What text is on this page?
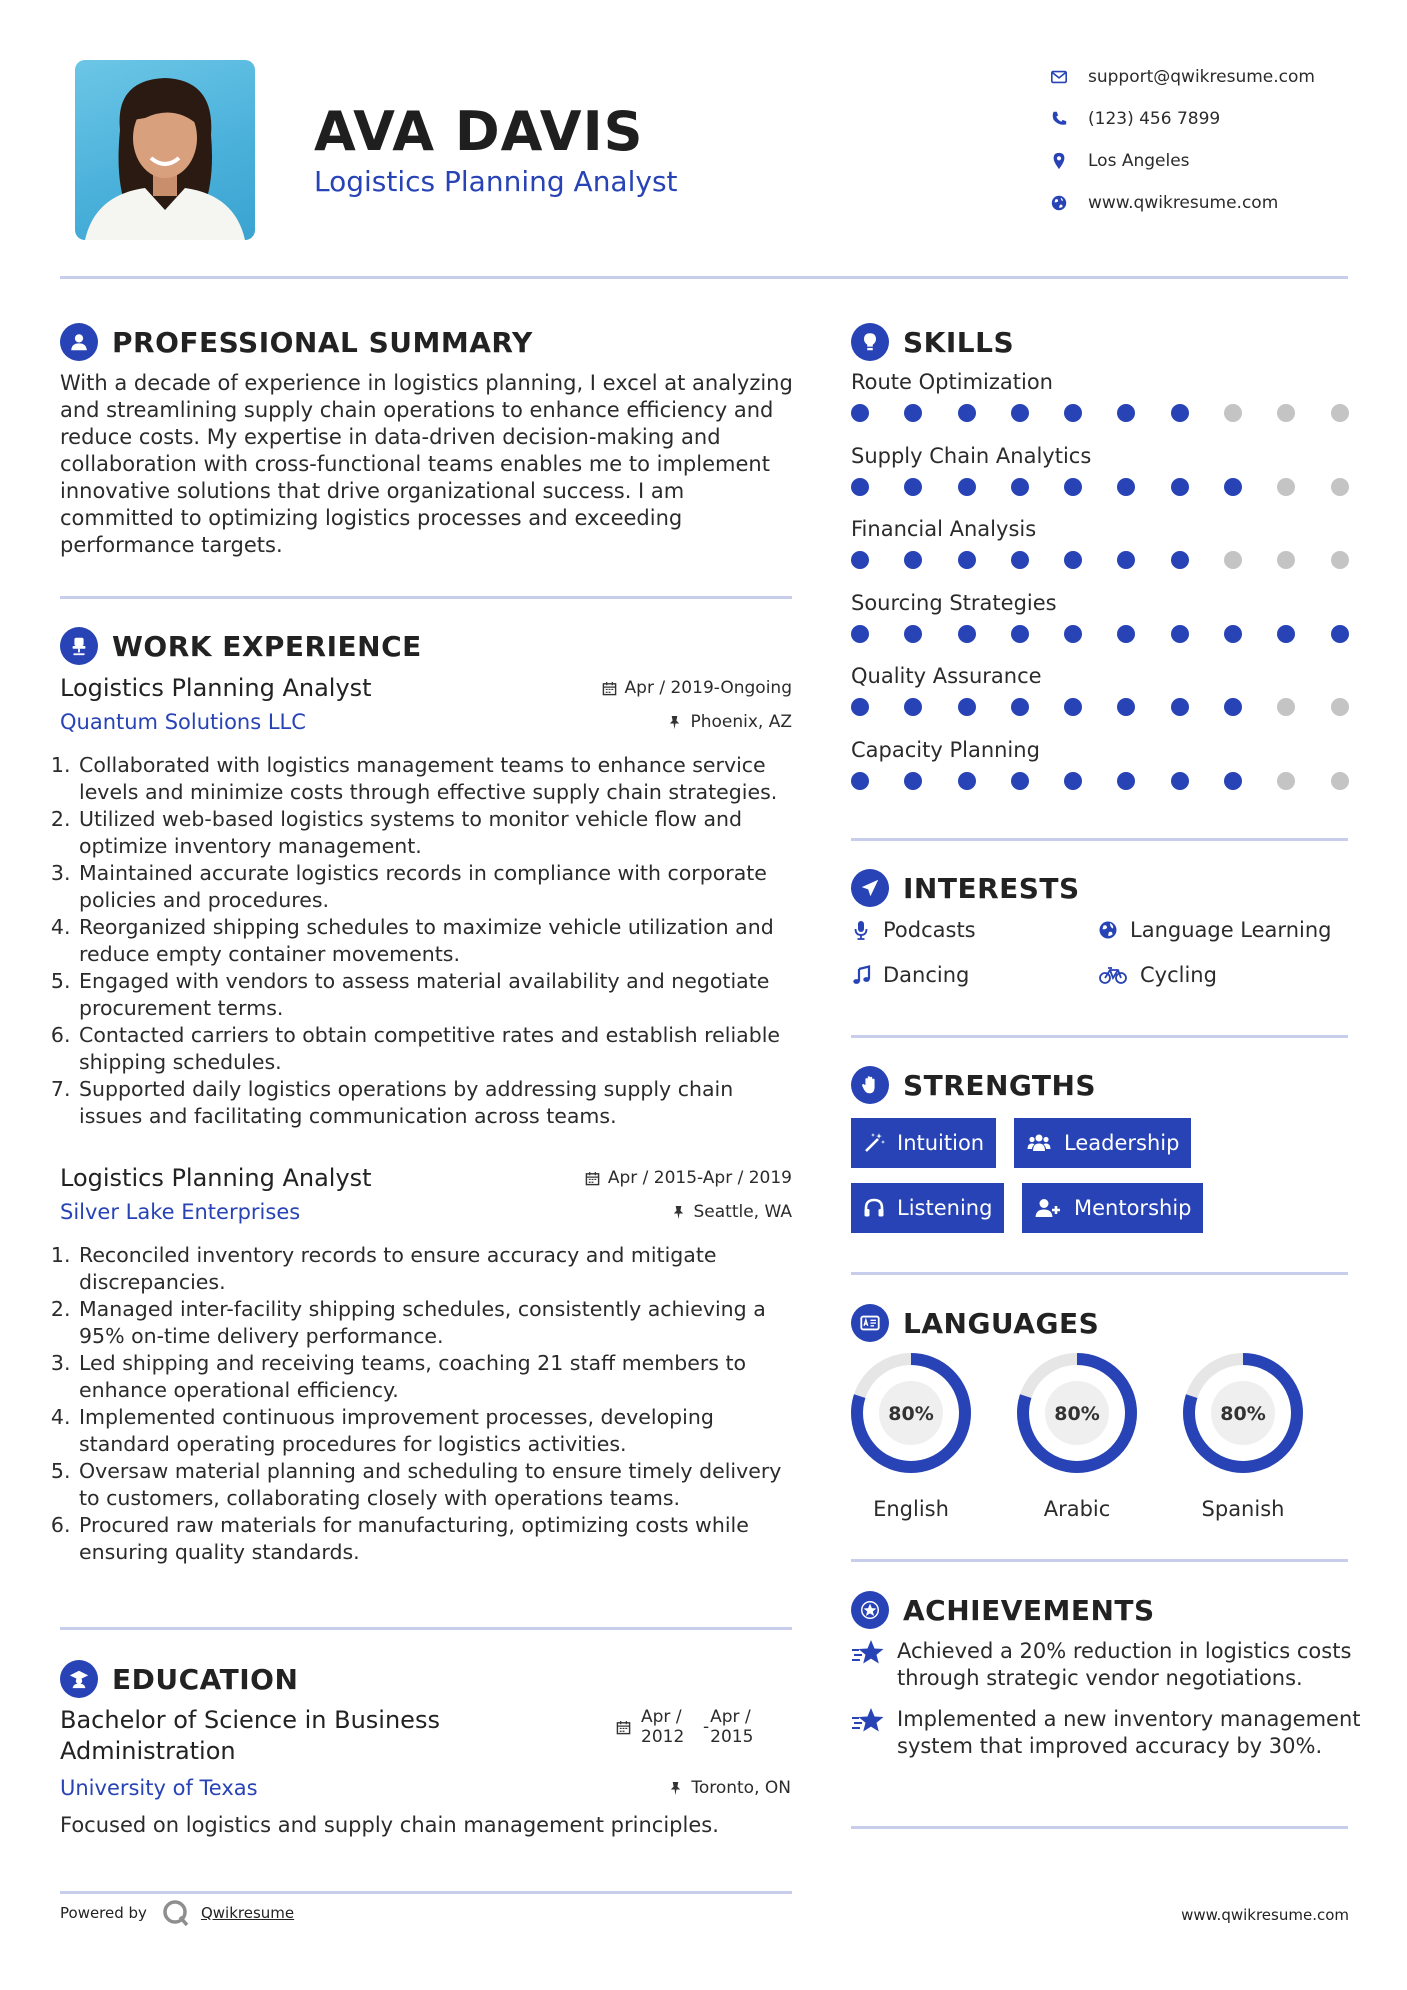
AVA DAVIS
Logistics Planning Analyst
support@qwikresume.com
(123) 456 7899
Los Angeles
www.qwikresume.com
PROFESSIONAL SUMMARY
With a decade of experience in logistics planning, I excel at analyzing and streamlining supply chain operations to enhance efficiency and reduce costs. My expertise in data-driven decision-making and collaboration with cross-functional teams enables me to implement innovative solutions that drive organizational success. I am committed to optimizing logistics processes and exceeding performance targets.
WORK EXPERIENCE
Logistics Planning Analyst	Apr / 2019-Ongoing
Quantum Solutions LLC	Phoenix, AZ
1. Collaborated with logistics management teams to enhance service levels and minimize costs through effective supply chain strategies.
2. Utilized web-based logistics systems to monitor vehicle flow and optimize inventory management.
3. Maintained accurate logistics records in compliance with corporate policies and procedures.
4. Reorganized shipping schedules to maximize vehicle utilization and reduce empty container movements.
5. Engaged with vendors to assess material availability and negotiate procurement terms.
6. Contacted carriers to obtain competitive rates and establish reliable shipping schedules.
7. Supported daily logistics operations by addressing supply chain issues and facilitating communication across teams.
Logistics Planning Analyst	Apr / 2015-Apr / 2019
Silver Lake Enterprises	Seattle, WA
1. Reconciled inventory records to ensure accuracy and mitigate discrepancies.
2. Managed inter-facility shipping schedules, consistently achieving a 95% on-time delivery performance.
3. Led shipping and receiving teams, coaching 21 staff members to enhance operational efficiency.
4. Implemented continuous improvement processes, developing standard operating procedures for logistics activities.
5. Oversaw material planning and scheduling to ensure timely delivery to customers, collaborating closely with operations teams.
6. Procured raw materials for manufacturing, optimizing costs while ensuring quality standards.
EDUCATION
Bachelor of Science in Business Administration
Apr / 2012	- Apr / 2015
University of Texas	Toronto, ON
Focused on logistics and supply chain management principles.
SKILLS
Route Optimization
Supply Chain Analytics
Financial Analysis
Sourcing Strategies
Quality Assurance
Capacity Planning
INTERESTS
Podcasts	Language Learning
Dancing	Cycling
STRENGTHS
Intuition	Leadership
Listening	Mentorship
LANGUAGES
80%
English
80%
Arabic
80%
Spanish
ACHIEVEMENTS
Achieved a 20% reduction in logistics costs through strategic vendor negotiations.
Implemented a new inventory management system that improved accuracy by 30%.
Powered by	Qwikresume	www.qwikresume.com
